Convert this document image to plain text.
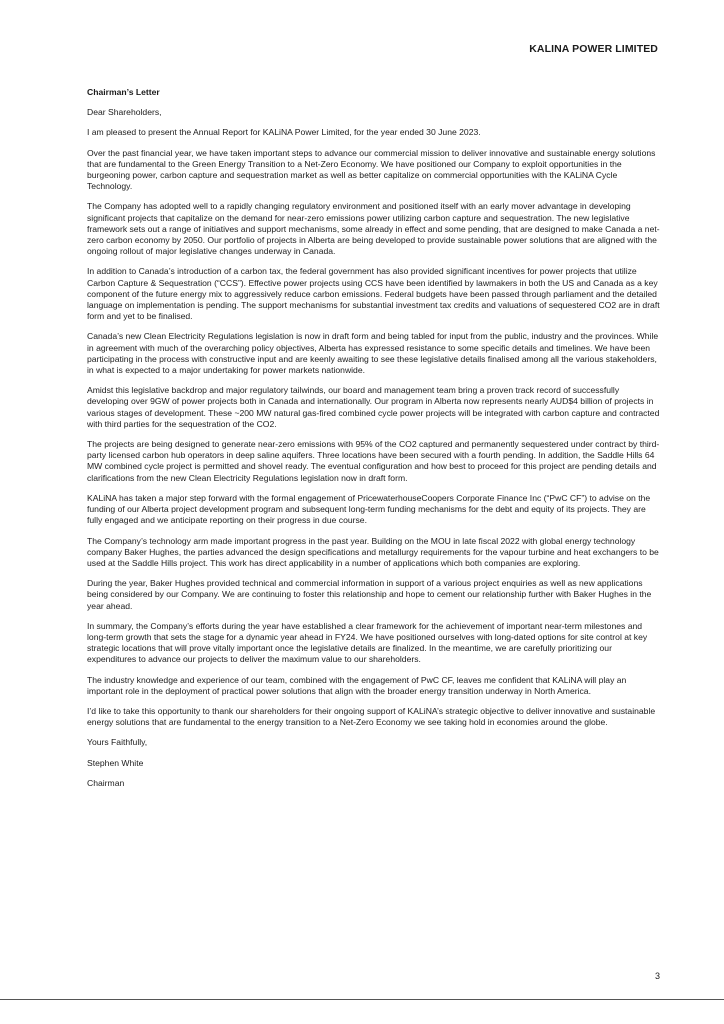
KALINA POWER LIMITED

Chairman’s Letter

Dear Shareholders,

I am pleased to present the Annual Report for KALiNA Power Limited, for the year ended 30 June 2023.

Over the past financial year, we have taken important steps to advance our commercial mission to deliver innovative and sustainable energy solutions that are fundamental to the Green Energy Transition to a Net-Zero Economy. We have positioned our Company to exploit opportunities in the burgeoning power, carbon capture and sequestration market as well as better capitalize on commercial opportunities with the KALiNA Cycle Technology.

The Company has adopted well to a rapidly changing regulatory environment and positioned itself with an early mover advantage in developing significant projects that capitalize on the demand for near-zero emissions power utilizing carbon capture and sequestration. The new legislative framework sets out a range of initiatives and support mechanisms, some already in effect and some pending, that are designed to make Canada a net-zero carbon economy by 2050. Our portfolio of projects in Alberta are being developed to provide sustainable power solutions that are aligned with the ongoing rollout of major legislative changes underway in Canada.

In addition to Canada’s introduction of a carbon tax, the federal government has also provided significant incentives for power projects that utilize Carbon Capture & Sequestration (“CCS”). Effective power projects using CCS have been identified by lawmakers in both the US and Canada as a key component of the future energy mix to aggressively reduce carbon emissions. Federal budgets have been passed through parliament and the detailed language on implementation is pending. The support mechanisms for substantial investment tax credits and valuations of sequestered CO2 are in draft form and yet to be finalised.

Canada’s new Clean Electricity Regulations legislation is now in draft form and being tabled for input from the public, industry and the provinces. While in agreement with much of the overarching policy objectives, Alberta has expressed resistance to some specific details and timelines. We have been participating in the process with constructive input and are keenly awaiting to see these legislative details finalised among all the various stakeholders, in what is expected to a major undertaking for power markets nationwide.

Amidst this legislative backdrop and major regulatory tailwinds, our board and management team bring a proven track record of successfully developing over 9GW of power projects both in Canada and internationally. Our program in Alberta now represents nearly AUD$4 billion of projects in various stages of development. These ~200 MW natural gas-fired combined cycle power projects will be integrated with carbon capture and contracted with third parties for the sequestration of the CO2.

The projects are being designed to generate near-zero emissions with 95% of the CO2 captured and permanently sequestered under contract by third-party licensed carbon hub operators in deep saline aquifers. Three locations have been secured with a fourth pending. In addition, the Saddle Hills 64 MW combined cycle project is permitted and shovel ready. The eventual configuration and how best to proceed for this project are pending details and clarifications from the new Clean Electricity Regulations legislation now in draft form.

KALiNA has taken a major step forward with the formal engagement of PricewaterhouseCoopers Corporate Finance Inc (“PwC CF”) to advise on the funding of our Alberta project development program and subsequent long-term funding mechanisms for the debt and equity of its projects. They are fully engaged and we anticipate reporting on their progress in due course.

The Company’s technology arm made important progress in the past year. Building on the MOU in late fiscal 2022 with global energy technology company Baker Hughes, the parties advanced the design specifications and metallurgy requirements for the vapour turbine and heat exchangers to be used at the Saddle Hills project. This work has direct applicability in a number of applications which both companies are exploring.

During the year, Baker Hughes provided technical and commercial information in support of a various project enquiries as well as new applications being considered by our Company. We are continuing to foster this relationship and hope to cement our relationship further with Baker Hughes in the year ahead.

In summary, the Company’s efforts during the year have established a clear framework for the achievement of important near-term milestones and long-term growth that sets the stage for a dynamic year ahead in FY24. We have positioned ourselves with long-dated options for site control at key strategic locations that will prove vitally important once the legislative details are finalized. In the meantime, we are carefully prioritizing our expenditures to advance our projects to deliver the maximum value to our shareholders.

The industry knowledge and experience of our team, combined with the engagement of PwC CF, leaves me confident that KALiNA will play an important role in the deployment of practical power solutions that align with the broader energy transition underway in North America.

I’d like to take this opportunity to thank our shareholders for their ongoing support of KALiNA’s strategic objective to deliver innovative and sustainable energy solutions that are fundamental to the energy transition to a Net-Zero Economy we see taking hold in economies around the globe.

Yours Faithfully,

Stephen White

Chairman

3
